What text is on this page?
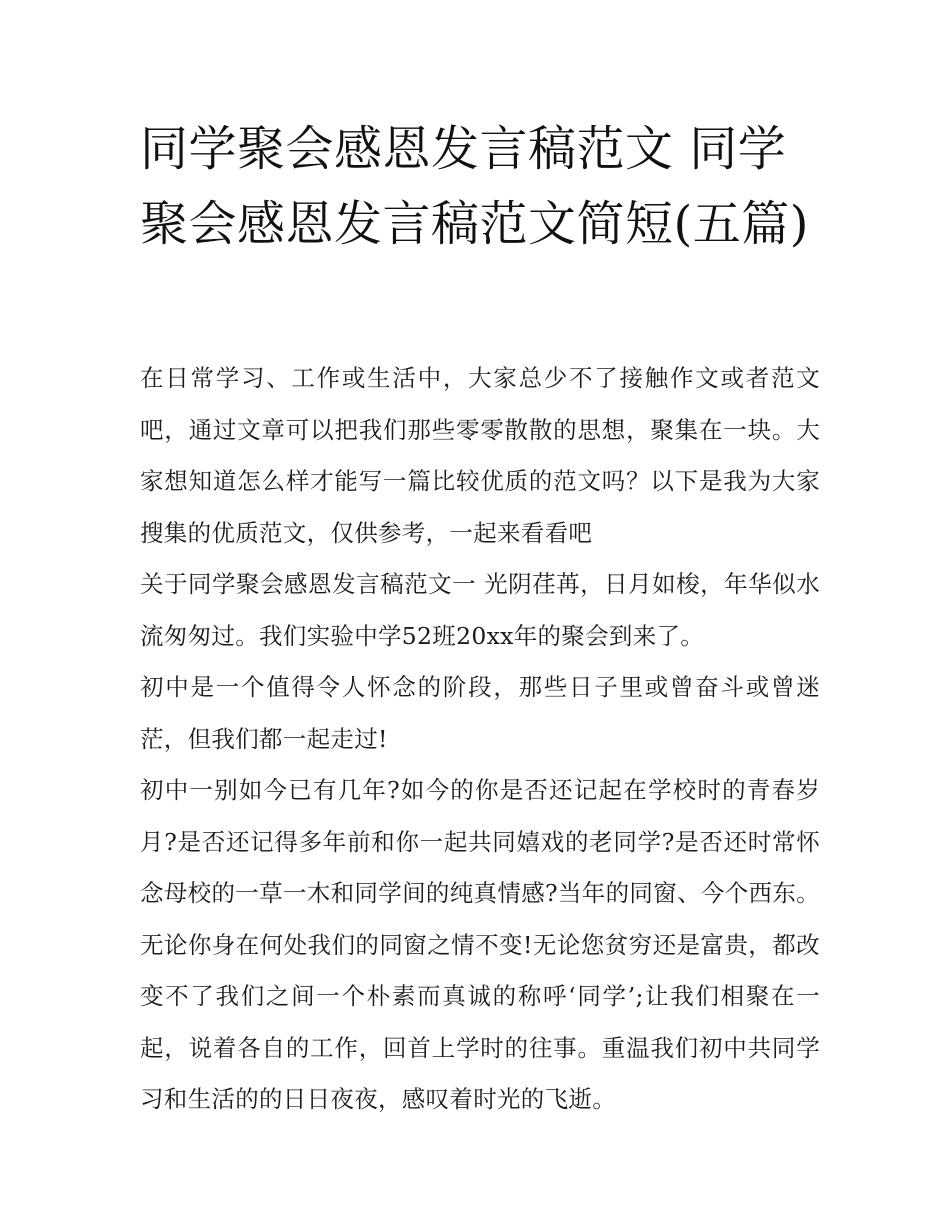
同学聚会感恩发言稿范文 同学聚会感恩发言稿范文简短(五篇)

在日常学习、工作或生活中，大家总少不了接触作文或者范文吧，通过文章可以把我们那些零零散散的思想，聚集在一块。大家想知道怎么样才能写一篇比较优质的范文吗？以下是我为大家搜集的优质范文，仅供参考，一起来看看吧

关于同学聚会感恩发言稿范文一 光阴荏苒，日月如梭，年华似水流匆匆过。我们实验中学52班20xx年的聚会到来了。

初中是一个值得令人怀念的阶段，那些日子里或曾奋斗或曾迷茫，但我们都一起走过!

初中一别如今已有几年?如今的你是否还记起在学校时的青春岁月?是否还记得多年前和你一起共同嬉戏的老同学?是否还时常怀念母校的一草一木和同学间的纯真情感?当年的同窗、今个西东。无论你身在何处我们的同窗之情不变!无论您贫穷还是富贵，都改变不了我们之间一个朴素而真诚的称呼‘同学’;让我们相聚在一起，说着各自的工作，回首上学时的往事。重温我们初中共同学习和生活的的日日夜夜，感叹着时光的飞逝。
